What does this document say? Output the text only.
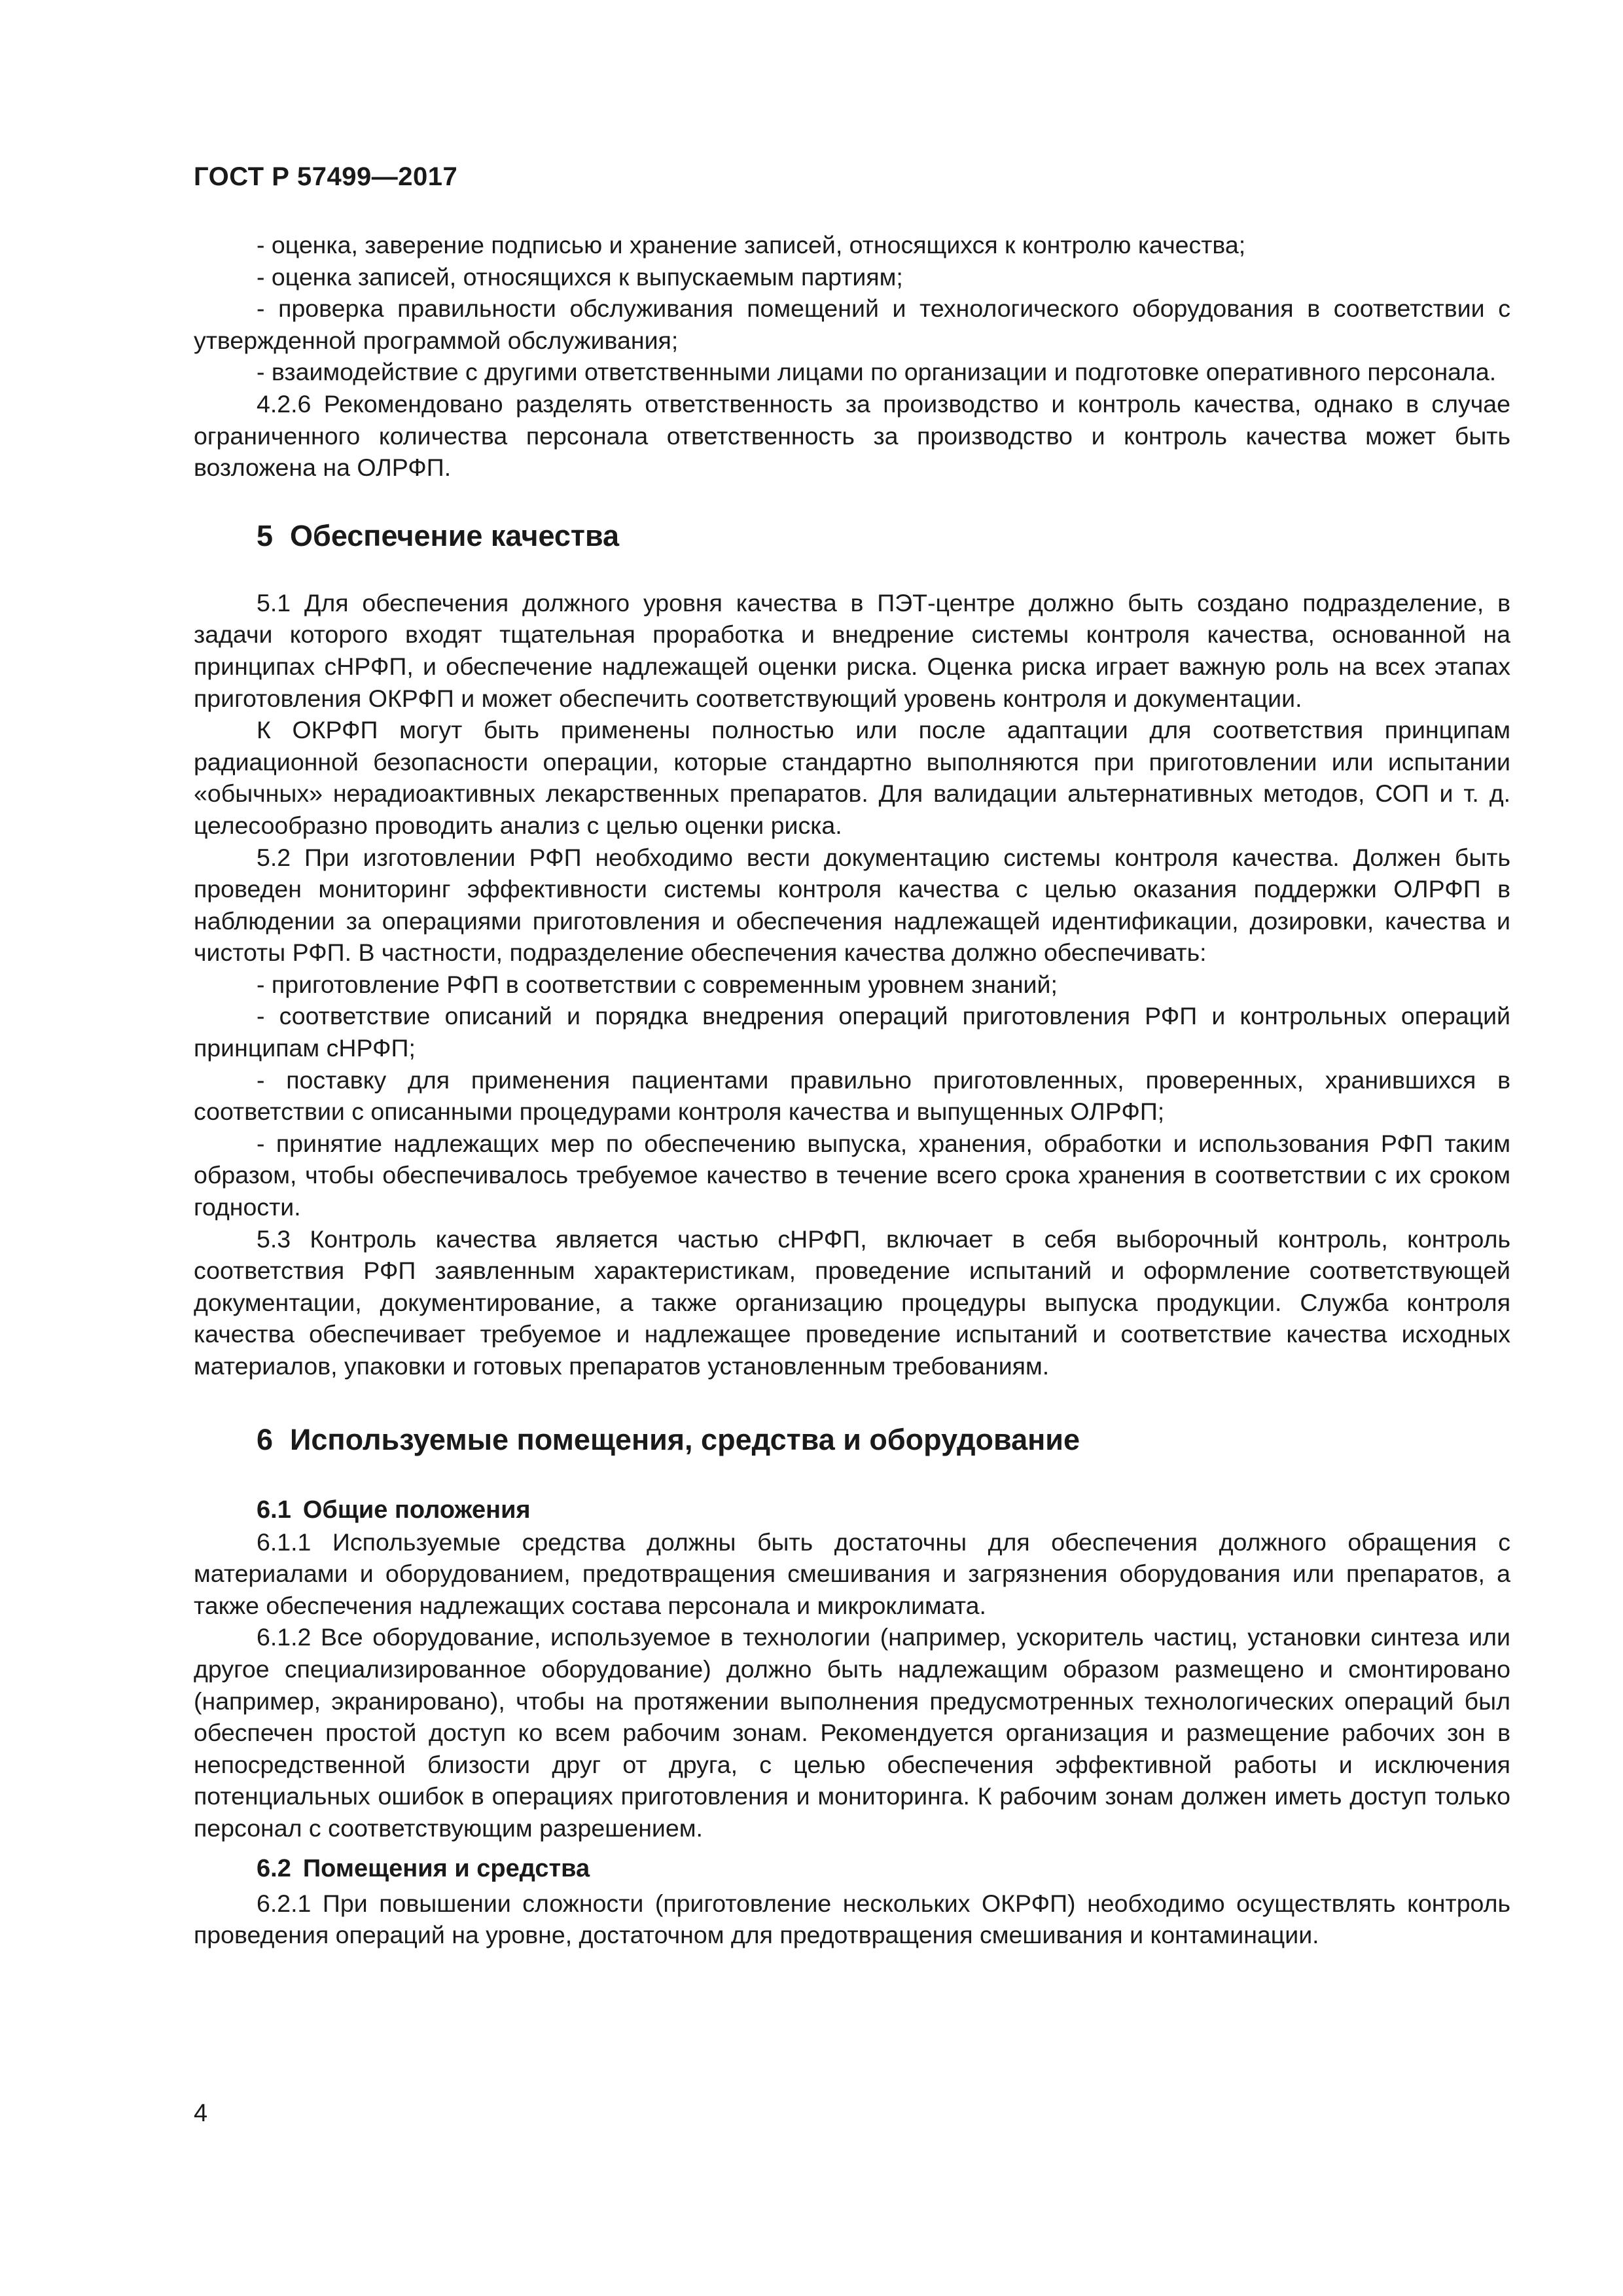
ГОСТ Р 57499—2017

- оценка, заверение подписью и хранение записей, относящихся к контролю качества;

- оценка записей, относящихся к выпускаемым партиям;

- проверка правильности обслуживания помещений и технологического оборудования в соответствии с утвержденной программой обслуживания;

- взаимодействие с другими ответственными лицами по организации и подготовке оперативного персонала.

4.2.6 Рекомендовано разделять ответственность за производство и контроль качества, однако в случае ограниченного количества персонала ответственность за производство и контроль качества может быть возложена на ОЛРФП.

5 Обеспечение качества

5.1 Для обеспечения должного уровня качества в ПЭТ-центре должно быть создано подразделение, в задачи которого входят тщательная проработка и внедрение системы контроля качества, основанной на принципах сНРФП, и обеспечение надлежащей оценки риска. Оценка риска играет важную роль на всех этапах приготовления ОКРФП и может обеспечить соответствующий уровень контроля и документации.

К ОКРФП могут быть применены полностью или после адаптации для соответствия принципам радиационной безопасности операции, которые стандартно выполняются при приготовлении или испытании «обычных» нерадиоактивных лекарственных препаратов. Для валидации альтернативных методов, СОП и т. д. целесообразно проводить анализ с целью оценки риска.

5.2 При изготовлении РФП необходимо вести документацию системы контроля качества. Должен быть проведен мониторинг эффективности системы контроля качества с целью оказания поддержки ОЛРФП в наблюдении за операциями приготовления и обеспечения надлежащей идентификации, дозировки, качества и чистоты РФП. В частности, подразделение обеспечения качества должно обеспечивать:

- приготовление РФП в соответствии с современным уровнем знаний;

- соответствие описаний и порядка внедрения операций приготовления РФП и контрольных операций принципам сНРФП;

- поставку для применения пациентами правильно приготовленных, проверенных, хранившихся в соответствии с описанными процедурами контроля качества и выпущенных ОЛРФП;

- принятие надлежащих мер по обеспечению выпуска, хранения, обработки и использования РФП таким образом, чтобы обеспечивалось требуемое качество в течение всего срока хранения в соответствии с их сроком годности.

5.3 Контроль качества является частью сНРФП, включает в себя выборочный контроль, контроль соответствия РФП заявленным характеристикам, проведение испытаний и оформление соответствующей документации, документирование, а также организацию процедуры выпуска продукции. Служба контроля качества обеспечивает требуемое и надлежащее проведение испытаний и соответствие качества исходных материалов, упаковки и готовых препаратов установленным требованиям.

6 Используемые помещения, средства и оборудование
6.1 Общие положения

6.1.1 Используемые средства должны быть достаточны для обеспечения должного обращения с материалами и оборудованием, предотвращения смешивания и загрязнения оборудования или препаратов, а также обеспечения надлежащих состава персонала и микроклимата.

6.1.2 Все оборудование, используемое в технологии (например, ускоритель частиц, установки синтеза или другое специализированное оборудование) должно быть надлежащим образом размещено и смонтировано (например, экранировано), чтобы на протяжении выполнения предусмотренных технологических операций был обеспечен простой доступ ко всем рабочим зонам. Рекомендуется организация и размещение рабочих зон в непосредственной близости друг от друга, с целью обеспечения эффективной работы и исключения потенциальных ошибок в операциях приготовления и мониторинга. К рабочим зонам должен иметь доступ только персонал с соответствующим разрешением.

6.2 Помещения и средства

6.2.1 При повышении сложности (приготовление нескольких ОКРФП) необходимо осуществлять контроль проведения операций на уровне, достаточном для предотвращения смешивания и контаминации.

4
